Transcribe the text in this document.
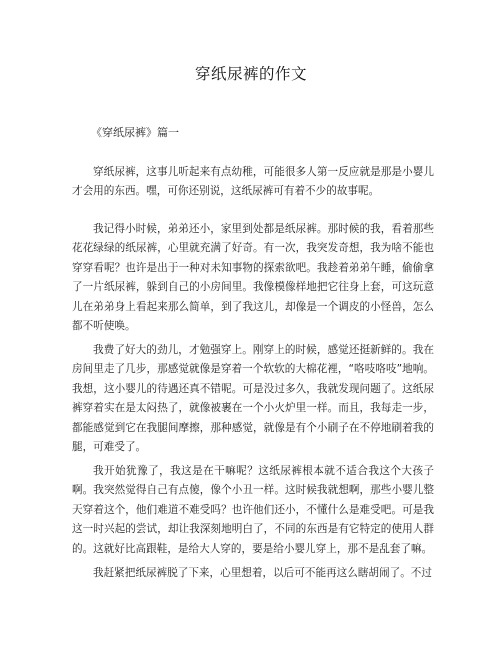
穿纸尿裤的作文
《穿纸尿裤》篇一

穿纸尿裤，这事儿听起来有点幼稚，可能很多人第一反应就是那是小婴儿才会用的东西。嘿，可你还别说，这纸尿裤可有着不少的故事呢。

我记得小时候，弟弟还小，家里到处都是纸尿裤。那时候的我，看着那些花花绿绿的纸尿裤，心里就充满了好奇。有一次，我突发奇想，我为啥不能也穿穿看呢？也许是出于一种对未知事物的探索欲吧。我趁着弟弟午睡，偷偷拿了一片纸尿裤，躲到自己的小房间里。我像模像样地把它往身上套，可这玩意儿在弟弟身上看起来那么简单，到了我这儿，却像是一个调皮的小怪兽，怎么都不听使唤。

我费了好大的劲儿，才勉强穿上。刚穿上的时候，感觉还挺新鲜的。我在房间里走了几步，那感觉就像是穿着一个软软的大棉花裡，“咯吱咯吱”地响。我想，这小婴儿的待遇还真不错呢。可是没过多久，我就发现问题了。这纸尿裤穿着实在是太闷热了，就像被裹在一个小火炉里一样。而且，我每走一步，都能感觉到它在我腿间摩擦，那种感觉，就像是有个小刷子在不停地刷着我的腿，可难受了。

我开始犹豫了，我这是在干嘛呢？这纸尿裤根本就不适合我这个大孩子啊。我突然觉得自己有点傻，像个小丑一样。这时候我就想啊，那些小婴儿整天穿着这个，他们难道不难受吗？也许他们还小，不懂什么是难受吧。可是我这一时兴起的尝试，却让我深刻地明白了，不同的东西是有它特定的使用人群的。这就好比高跟鞋，是给大人穿的，要是给小婴儿穿上，那不是乱套了嘛。

我赶紧把纸尿裤脱了下来，心里想着，以后可不能再这么瞎胡闹了。不过
